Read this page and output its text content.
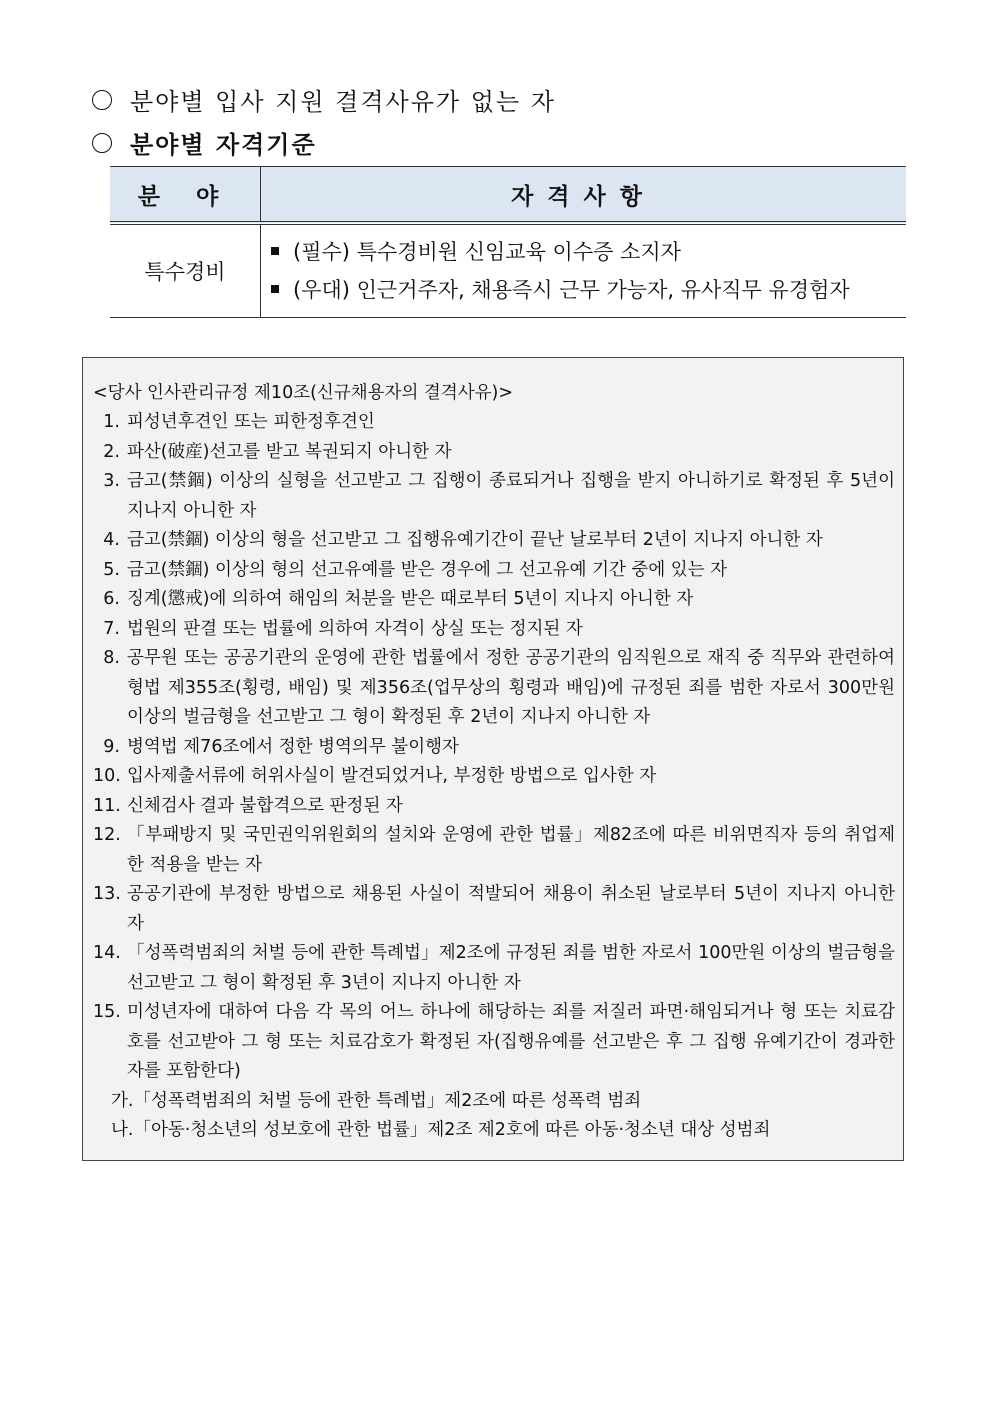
분야별 입사 지원 결격사유가 없는 자
분야별 자격기준
분 야	자격사항
특수경비	(필수) 특수경비원 신임교육 이수증 소지자
(우대) 인근거주자, 채용즉시 근무 가능자, 유사직무 유경험자
<당사 인사관리규정 제10조(신규채용자의 결격사유)>
1. 피성년후견인 또는 피한정후견인
2. 파산(破産)선고를 받고 복권되지 아니한 자
3. 금고(禁錮) 이상의 실형을 선고받고 그 집행이 종료되거나 집행을 받지 아니하기로 확정된 후 5년이 지나지 아니한 자
4. 금고(禁錮) 이상의 형을 선고받고 그 집행유예기간이 끝난 날로부터 2년이 지나지 아니한 자
5. 금고(禁錮) 이상의 형의 선고유예를 받은 경우에 그 선고유예 기간 중에 있는 자
6. 징계(懲戒)에 의하여 해임의 처분을 받은 때로부터 5년이 지나지 아니한 자
7. 법원의 판결 또는 법률에 의하여 자격이 상실 또는 정지된 자
8. 공무원 또는 공공기관의 운영에 관한 법률에서 정한 공공기관의 임직원으로 재직 중 직무와 관련하여 형법 제355조(횡령, 배임) 및 제356조(업무상의 횡령과 배임)에 규정된 죄를 범한 자로서 300만원 이상의 벌금형을 선고받고 그 형이 확정된 후 2년이 지나지 아니한 자
9. 병역법 제76조에서 정한 병역의무 불이행자
10. 입사제출서류에 허위사실이 발견되었거나, 부정한 방법으로 입사한 자
11. 신체검사 결과 불합격으로 판정된 자
12. 「부패방지 및 국민권익위원회의 설치와 운영에 관한 법률」제82조에 따른 비위면직자 등의 취업제한 적용을 받는 자
13. 공공기관에 부정한 방법으로 채용된 사실이 적발되어 채용이 취소된 날로부터 5년이 지나지 아니한 자
14. 「성폭력범죄의 처벌 등에 관한 특례법」제2조에 규정된 죄를 범한 자로서 100만원 이상의 벌금형을 선고받고 그 형이 확정된 후 3년이 지나지 아니한 자
15. 미성년자에 대하여 다음 각 목의 어느 하나에 해당하는 죄를 저질러 파면·해임되거나 형 또는 치료감호를 선고받아 그 형 또는 치료감호가 확정된 자(집행유예를 선고받은 후 그 집행 유예기간이 경과한 자를 포함한다)
가.「성폭력범죄의 처벌 등에 관한 특례법」제2조에 따른 성폭력 범죄
나.「아동·청소년의 성보호에 관한 법률」제2조 제2호에 따른 아동·청소년 대상 성범죄
